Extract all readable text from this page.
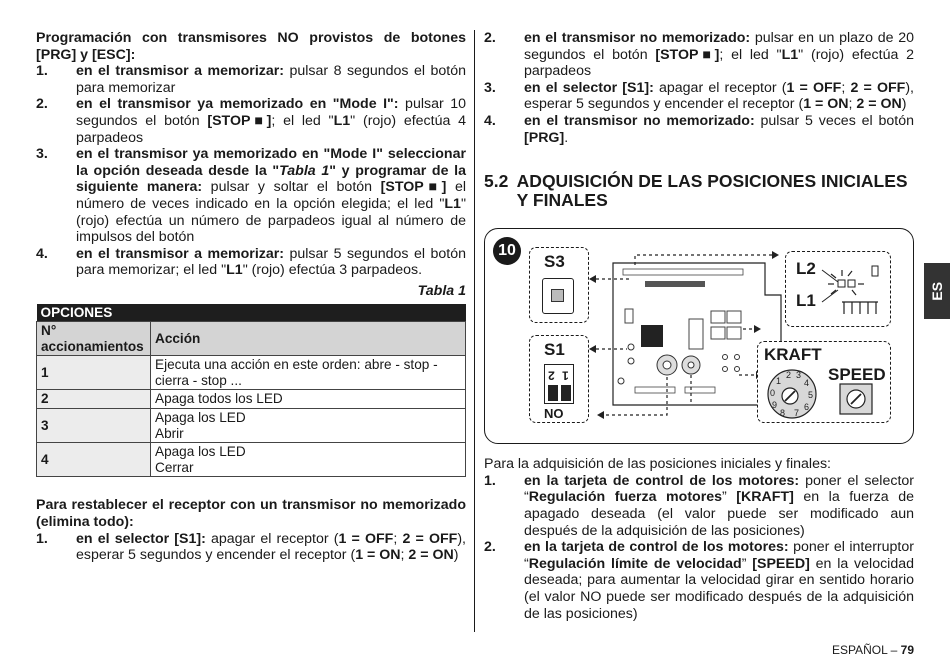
Programación con transmisores NO provistos de botones [PRG] y [ESC]:
1. en el transmisor a memorizar: pulsar 8 segundos el botón para memorizar
2. en el transmisor ya memorizado en "Mode I": pulsar 10 segundos el botón [STOP■]; el led "L1" (rojo) efectúa 4 parpadeos
3. en el transmisor ya memorizado en "Mode I" seleccionar la opción deseada desde la "Tabla 1" y programar de la siguiente manera: pulsar y soltar el botón [STOP■] el número de veces indicado en la opción elegida; el led "L1" (rojo) efectúa un número de parpadeos igual al número de impulsos del botón
4. en el transmisor a memorizar: pulsar 5 segundos el botón para memorizar; el led "L1" (rojo) efectúa 3 parpadeos.
Tabla 1
OPCIONES	
N° accionamientos	Acción
1	Ejecuta una acción en este orden: abre - stop - cierra - stop ...
2	Apaga todos los LED
3	Apaga los LED
Abrir
4	Apaga los LED
Cerrar
Para restablecer el receptor con un transmisor no memorizado (elimina todo):
1. en el selector [S1]: apagar el receptor (1 = OFF; 2 = OFF), esperar 5 segundos y encender el receptor (1 = ON; 2 = ON)
2. en el transmisor no memorizado: pulsar en un plazo de 20 segundos el botón [STOP■]; el led "L1" (rojo) efectúa 2 parpadeos
3. en el selector [S1]: apagar el receptor (1 = OFF; 2 = OFF), esperar 5 segundos y encender el receptor (1 = ON; 2 = ON)
4. en el transmisor no memorizado: pulsar 5 veces el botón [PRG].
5.2 ADQUISICIÓN DE LAS POSICIONES INICIALES Y FINALES
10
S3
S1
2 1
NO
L2
L1
KRAFT
SPEED
2 3
1	4
0	5
9	6
8 7
Para la adquisición de las posiciones iniciales y finales:
1. en la tarjeta de control de los motores: poner el selector “Regulación fuerza motores” [KRAFT] en la fuerza de apagado deseada (el valor puede ser modificado aun después de la adquisición de las posiciones)
2. en la tarjeta de control de los motores: poner el interruptor “Regulación límite de velocidad” [SPEED] en la velocidad deseada; para aumentar la velocidad girar en sentido horario (el valor NO puede ser modificado después de la adquisición de las posiciones)
ES
ESPAÑOL – 79
